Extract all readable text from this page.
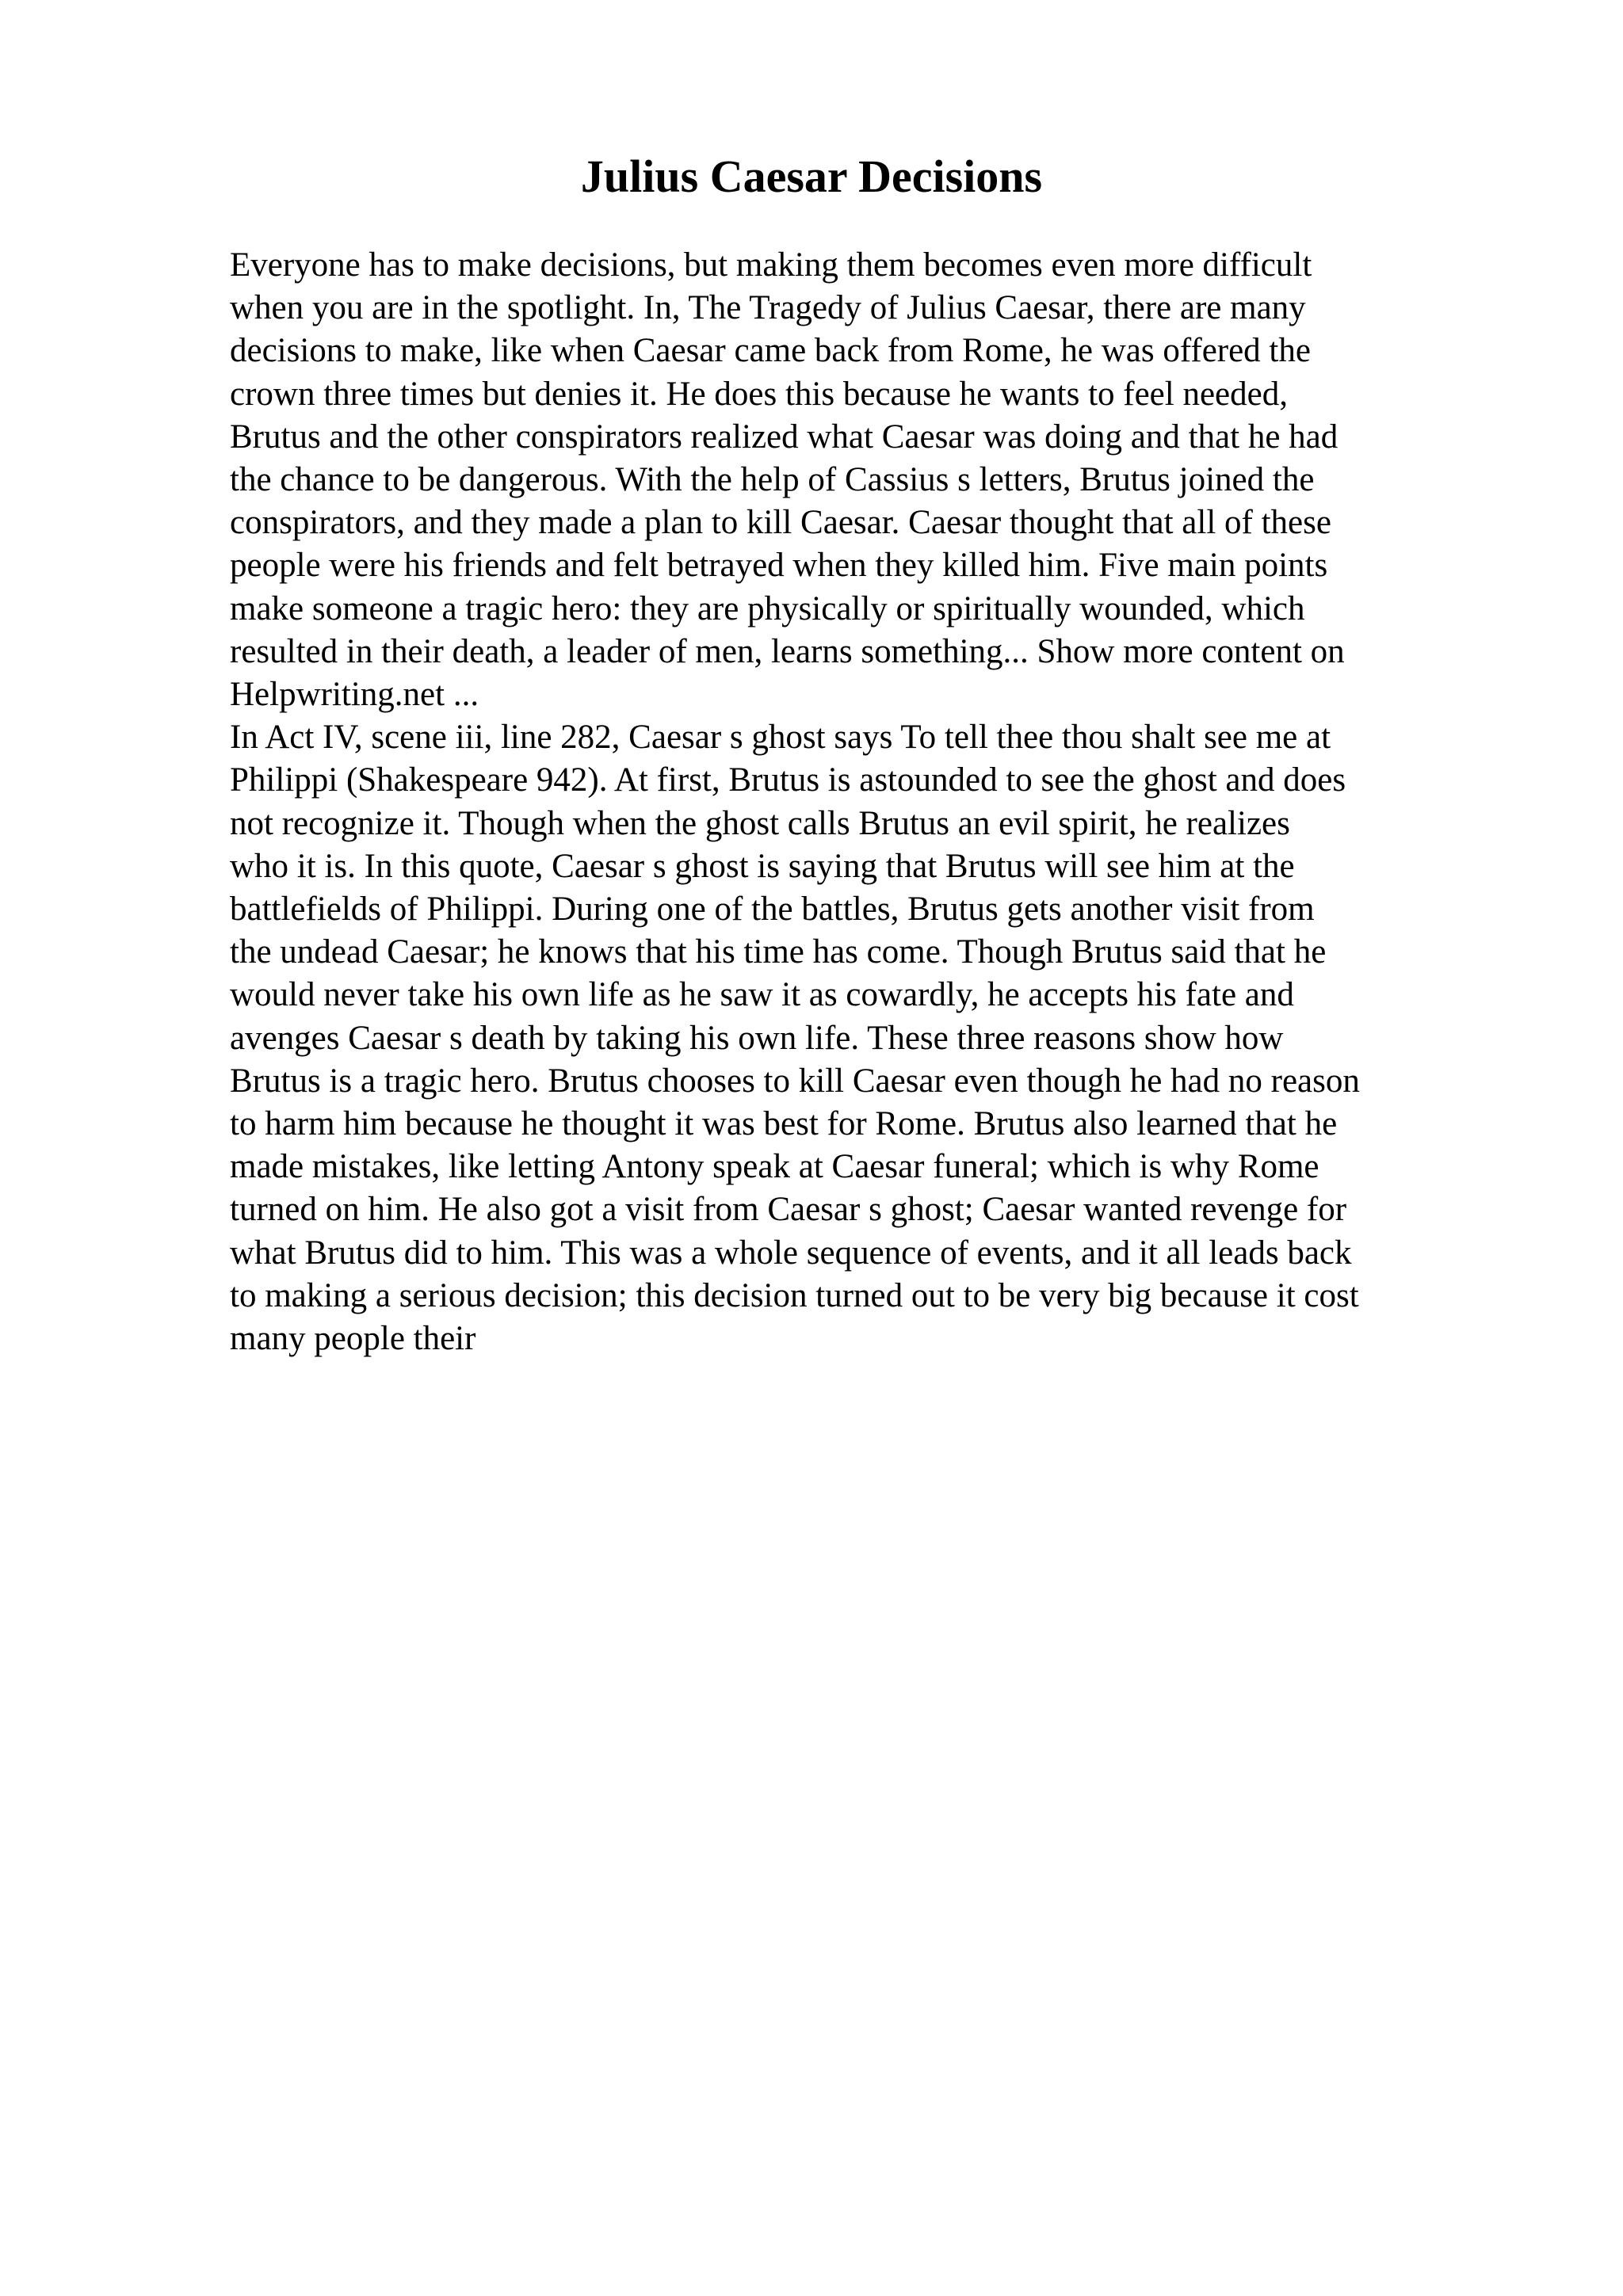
Julius Caesar Decisions
Everyone has to make decisions, but making them becomes even more difficult
when you are in the spotlight. In, The Tragedy of Julius Caesar, there are many
decisions to make, like when Caesar came back from Rome, he was offered the
crown three times but denies it. He does this because he wants to feel needed,
Brutus and the other conspirators realized what Caesar was doing and that he had
the chance to be dangerous. With the help of Cassius s letters, Brutus joined the
conspirators, and they made a plan to kill Caesar. Caesar thought that all of these
people were his friends and felt betrayed when they killed him. Five main points
make someone a tragic hero: they are physically or spiritually wounded, which
resulted in their death, a leader of men, learns something... Show more content on
Helpwriting.net ...
In Act IV, scene iii, line 282, Caesar s ghost says To tell thee thou shalt see me at
Philippi (Shakespeare 942). At first, Brutus is astounded to see the ghost and does
not recognize it. Though when the ghost calls Brutus an evil spirit, he realizes
who it is. In this quote, Caesar s ghost is saying that Brutus will see him at the
battlefields of Philippi. During one of the battles, Brutus gets another visit from
the undead Caesar; he knows that his time has come. Though Brutus said that he
would never take his own life as he saw it as cowardly, he accepts his fate and
avenges Caesar s death by taking his own life. These three reasons show how
Brutus is a tragic hero. Brutus chooses to kill Caesar even though he had no reason
to harm him because he thought it was best for Rome. Brutus also learned that he
made mistakes, like letting Antony speak at Caesar funeral; which is why Rome
turned on him. He also got a visit from Caesar s ghost; Caesar wanted revenge for
what Brutus did to him. This was a whole sequence of events, and it all leads back
to making a serious decision; this decision turned out to be very big because it cost
many people their
